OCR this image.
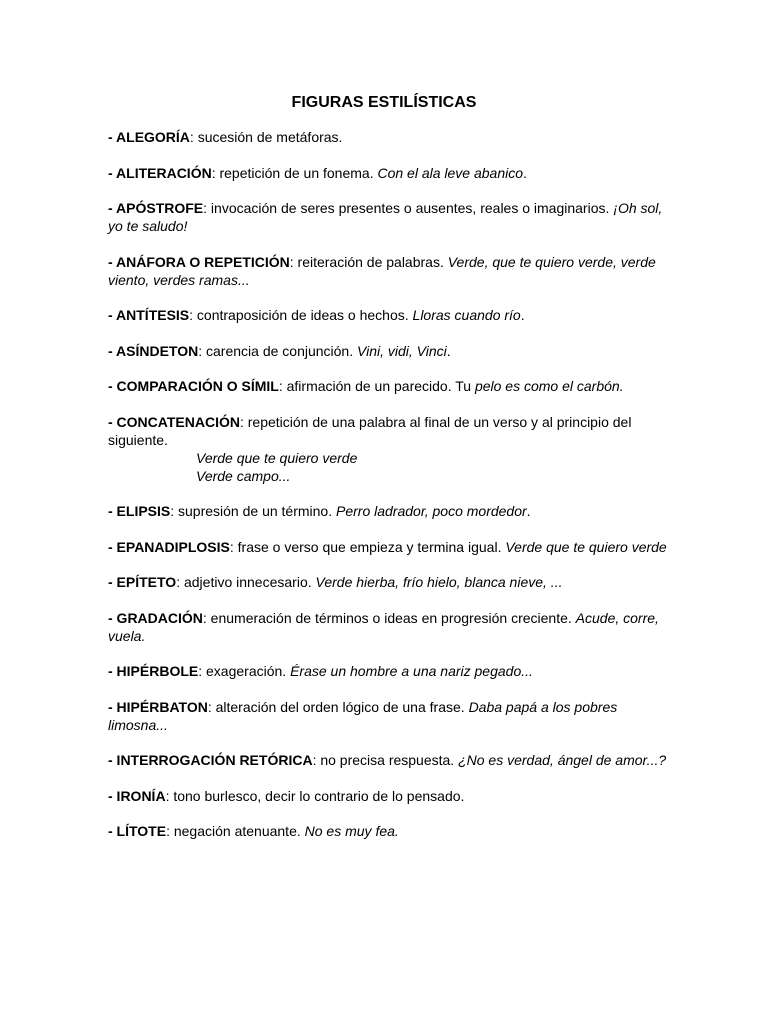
FIGURAS ESTILÍSTICAS

- ALEGORÍA: sucesión de metáforas.

- ALITERACIÓN: repetición de un fonema. Con el ala leve abanico.

- APÓSTROFE: invocación de seres presentes o ausentes, reales o imaginarios. ¡Oh sol, yo te saludo!

- ANÁFORA O REPETICIÓN: reiteración de palabras. Verde, que te quiero verde, verde viento, verdes ramas...

- ANTÍTESIS: contraposición de ideas o hechos. Lloras cuando río.

- ASÍNDETON: carencia de conjunción. Vini, vidi, Vinci.

- COMPARACIÓN O SÍMIL: afirmación de un parecido. Tu pelo es como el carbón.

- CONCATENACIÓN: repetición de una palabra al final de un verso y al principio del siguiente.
Verde que te quiero verde
Verde campo...

- ELIPSIS: supresión de un término. Perro ladrador, poco mordedor.

- EPANADIPLOSIS: frase o verso que empieza y termina igual. Verde que te quiero verde

- EPÍTETO: adjetivo innecesario. Verde hierba, frío hielo, blanca nieve, ...

- GRADACIÓN: enumeración de términos o ideas en progresión creciente. Acude, corre, vuela.

- HIPÉRBOLE: exageración. Érase un hombre a una nariz pegado...

- HIPÉRBATON: alteración del orden lógico de una frase. Daba papá a los pobres limosna...

- INTERROGACIÓN RETÓRICA: no precisa respuesta. ¿No es verdad, ángel de amor...?

- IRONÍA: tono burlesco, decir lo contrario de lo pensado.

- LÍTOTE: negación atenuante. No es muy fea.
